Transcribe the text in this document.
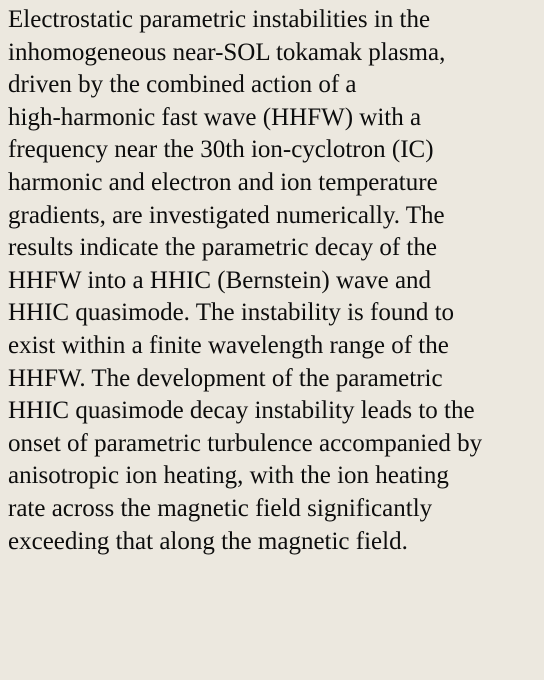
Electrostatic parametric instabilities in the
inhomogeneous near-SOL tokamak plasma,
driven by the combined action of a
high-harmonic fast wave (HHFW) with a
frequency near the 30th ion-cyclotron (IC)
harmonic and electron and ion temperature
gradients, are investigated numerically. The
results indicate the parametric decay of the
HHFW into a HHIC (Bernstein) wave and
HHIC quasimode. The instability is found to
exist within a finite wavelength range of the
HHFW. The development of the parametric
HHIC quasimode decay instability leads to the
onset of parametric turbulence accompanied by
anisotropic ion heating, with the ion heating
rate across the magnetic field significantly
exceeding that along the magnetic field.
